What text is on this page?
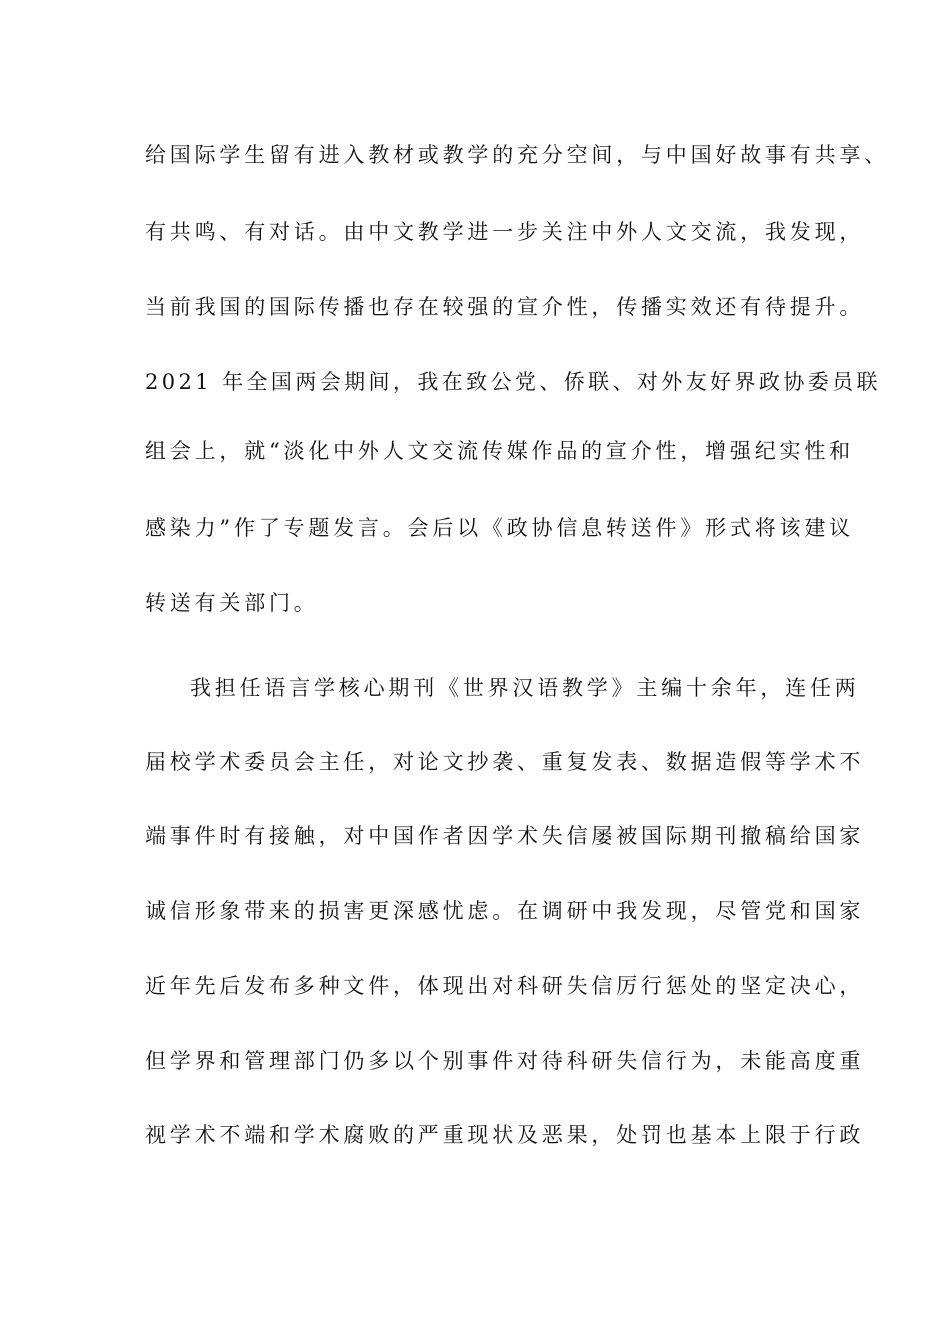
给国际学生留有进入教材或教学的充分空间，与中国好故事有共享、
有共鸣、有对话。由中文教学进一步关注中外人文交流，我发现，
当前我国的国际传播也存在较强的宣介性，传播实效还有待提升。
2021 年全国两会期间，我在致公党、侨联、对外友好界政协委员联
组会上，就“淡化中外人文交流传媒作品的宣介性，增强纪实性和
感染力”作了专题发言。会后以《政协信息转送件》形式将该建议
转送有关部门。
我担任语言学核心期刊《世界汉语教学》主编十余年，连任两
届校学术委员会主任，对论文抄袭、重复发表、数据造假等学术不
端事件时有接触，对中国作者因学术失信屡被国际期刊撤稿给国家
诚信形象带来的损害更深感忧虑。在调研中我发现，尽管党和国家
近年先后发布多种文件，体现出对科研失信厉行惩处的坚定决心，
但学界和管理部门仍多以个别事件对待科研失信行为，未能高度重
视学术不端和学术腐败的严重现状及恶果，处罚也基本上限于行政
